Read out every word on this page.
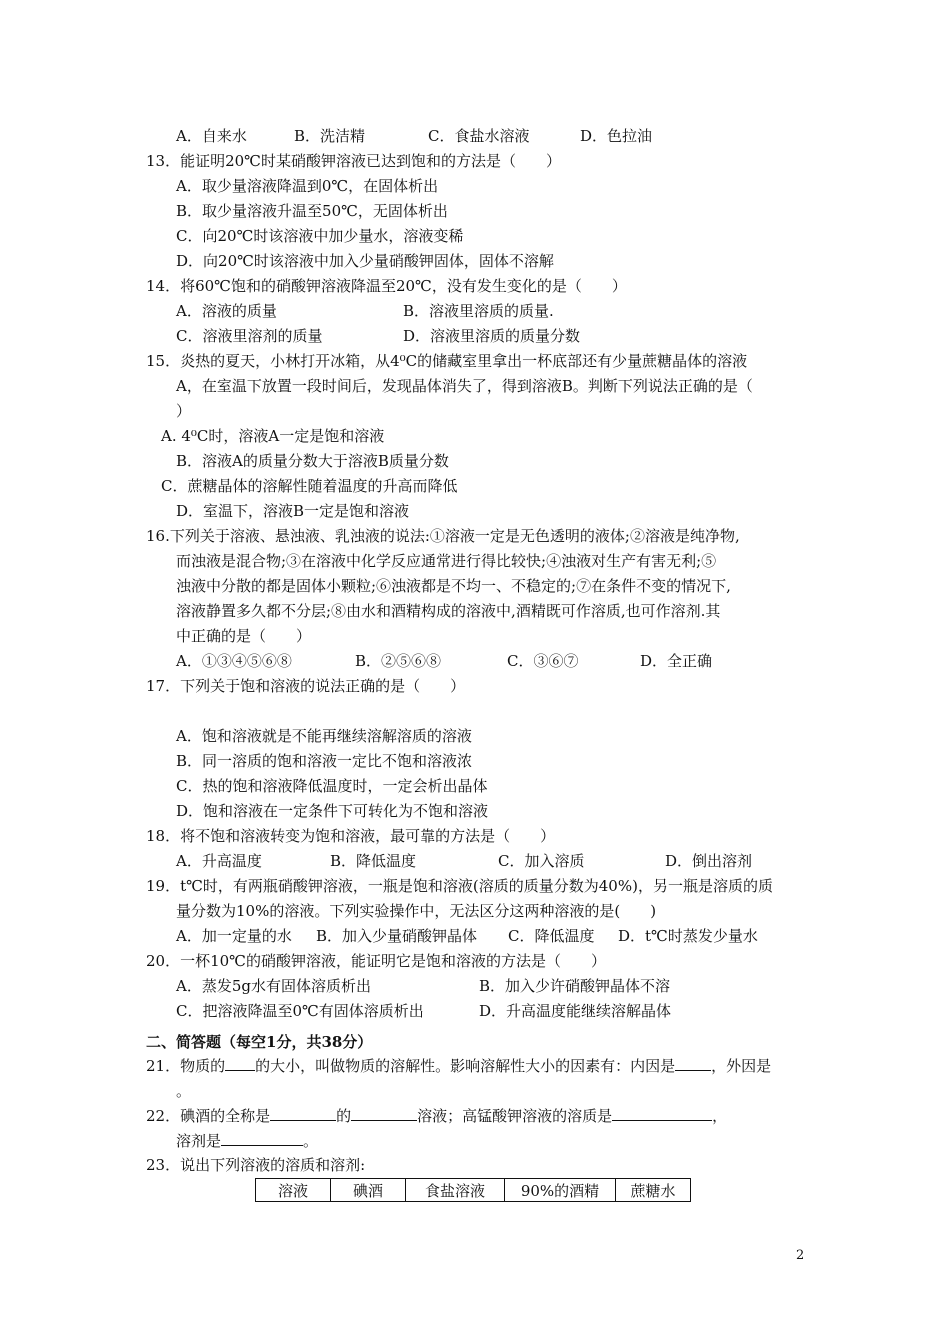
A．自来水	B．洗洁精	C．食盐水溶液	D．色拉油
13．能证明20℃时某硝酸钾溶液已达到饱和的方法是（　　）
A．取少量溶液降温到0℃，在固体析出
B．取少量溶液升温至50℃，无固体析出
C．向20℃时该溶液中加少量水，溶液变稀
D．向20℃时该溶液中加入少量硝酸钾固体，固体不溶解
14．将60℃饱和的硝酸钾溶液降温至20℃，没有发生变化的是（　　）
A．溶液的质量	B．溶液里溶质的质量.
C．溶液里溶剂的质量	D．溶液里溶质的质量分数
15．炎热的夏天，小林打开冰箱，从4⁰C的储藏室里拿出一杯底部还有少量蔗糖晶体的溶液
A，在室温下放置一段时间后，发现晶体消失了，得到溶液B。判断下列说法正确的是（
）
A. 4⁰C时，溶液A一定是饱和溶液
B．溶液A的质量分数大于溶液B质量分数
C．蔗糖晶体的溶解性随着温度的升高而降低
D．室温下，溶液B一定是饱和溶液
16.下列关于溶液、悬浊液、乳浊液的说法:①溶液一定是无色透明的液体;②溶液是纯净物,
而浊液是混合物;③在溶液中化学反应通常进行得比较快;④浊液对生产有害无利;⑤
浊液中分散的都是固体小颗粒;⑥浊液都是不均一、不稳定的;⑦在条件不变的情况下,
溶液静置多久都不分层;⑧由水和酒精构成的溶液中,酒精既可作溶质,也可作溶剂.其
中正确的是（　　）
A．①③④⑤⑥⑧	B．②⑤⑥⑧	C．③⑥⑦	D．全正确
17．下列关于饱和溶液的说法正确的是（　　）
A．饱和溶液就是不能再继续溶解溶质的溶液
B．同一溶质的饱和溶液一定比不饱和溶液浓
C．热的饱和溶液降低温度时，一定会析出晶体
D．饱和溶液在一定条件下可转化为不饱和溶液
18．将不饱和溶液转变为饱和溶液，最可靠的方法是（　　）
A．升高温度	B．降低温度	C．加入溶质	D．倒出溶剂
19．t℃时，有两瓶硝酸钾溶液，一瓶是饱和溶液(溶质的质量分数为40%)，另一瓶是溶质的质
量分数为10%的溶液。下列实验操作中，无法区分这两种溶液的是(　　)
A．加一定量的水 B．加入少量硝酸钾晶体 C．降低温度 D．t℃时蒸发少量水
20．一杯10℃的硝酸钾溶液，能证明它是饱和溶液的方法是（　　）
A．蒸发5g水有固体溶质析出	B．加入少许硝酸钾晶体不溶
C．把溶液降温至0℃有固体溶质析出	D．升高温度能继续溶解晶体
二、简答题（每空1分，共38分）
21．物质的 的大小，叫做物质的溶解性。影响溶解性大小的因素有：内因是 ，外因是
。
22．碘酒的全称是	的	溶液；高锰酸钾溶液的溶质是	，
溶剂是	。
23．说出下列溶液的溶质和溶剂:
溶液	碘酒	食盐溶液	90%的酒精	蔗糖水
2
